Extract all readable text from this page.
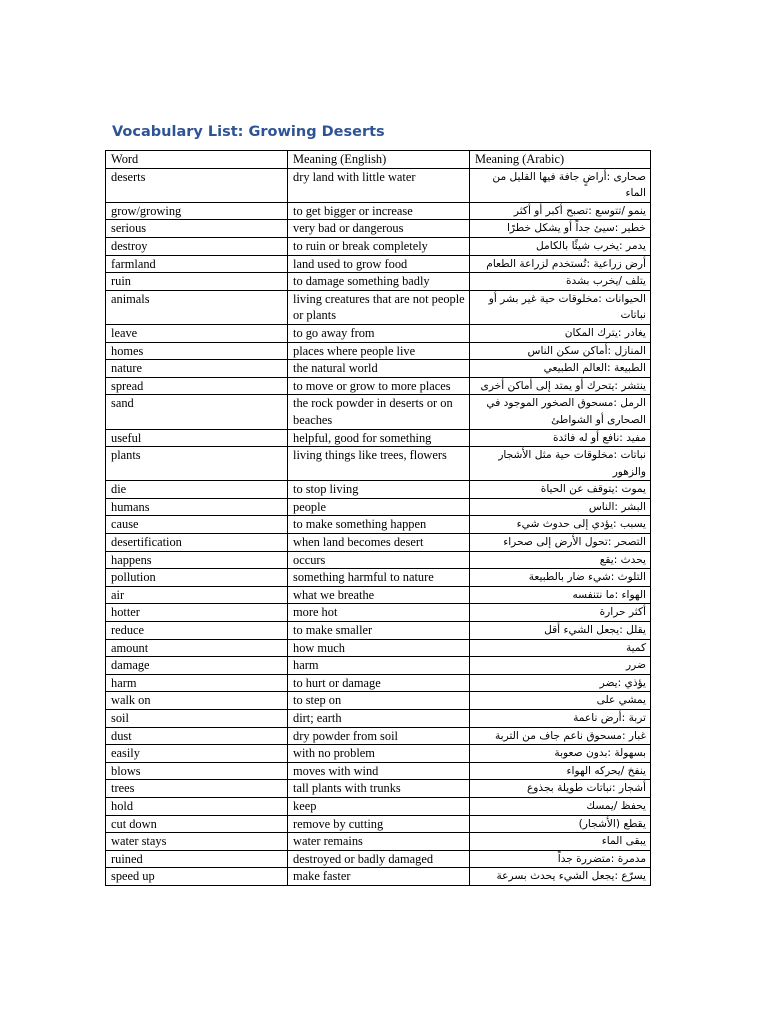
Vocabulary List: Growing Deserts
Word	Meaning (English)	Meaning (Arabic)
deserts	dry land with little water	صحارى :أراضٍ جافة فيها القليل من الماء
grow/growing	to get bigger or increase	ينمو /تتوسع :تصبح أكبر أو أكثر
serious	very bad or dangerous	خطير :سيئ جداً أو يشكل خطرًا
destroy	to ruin or break completely	يدمر :يخرب شيئًا بالكامل
farmland	land used to grow food	أرض زراعية :تُستخدم لزراعة الطعام
ruin	to damage something badly	يتلف /يخرب بشدة
animals	living creatures that are not people or plants	الحيوانات :مخلوقات حية غير بشر أو نباتات
leave	to go away from	يغادر :يترك المكان
homes	places where people live	المنازل :أماكن سكن الناس
nature	the natural world	الطبيعة :العالم الطبيعي
spread	to move or grow to more places	ينتشر :يتحرك أو يمتد إلى أماكن أخرى
sand	the rock powder in deserts or on beaches	الرمل :مسحوق الصخور الموجود في الصحارى أو الشواطئ
useful	helpful, good for something	مفيد :نافع أو له فائدة
plants	living things like trees, flowers	نباتات :مخلوقات حية مثل الأشجار والزهور
die	to stop living	يموت :يتوقف عن الحياة
humans	people	البشر :الناس
cause	to make something happen	يسبب :يؤدي إلى حدوث شيء
desertification	when land becomes desert	التصحر :تحول الأرض إلى صحراء
happens	occurs	يحدث :يقع
pollution	something harmful to nature	التلوث :شيء ضار بالطبيعة
air	what we breathe	الهواء :ما نتنفسه
hotter	more hot	أكثر حرارة
reduce	to make smaller	يقلل :يجعل الشيء أقل
amount	how much	كمية
damage	harm	ضرر
harm	to hurt or damage	يؤذي :يضر
walk on	to step on	يمشي على
soil	dirt; earth	تربة :أرض ناعمة
dust	dry powder from soil	غبار :مسحوق ناعم جاف من التربة
easily	with no problem	بسهولة :بدون صعوبة
blows	moves with wind	ينفخ /يحركه الهواء
trees	tall plants with trunks	أشجار :نباتات طويلة بجذوع
hold	keep	يحفظ /يمسك
cut down	remove by cutting	يقطع (الأشجار)
water stays	water remains	يبقى الماء
ruined	destroyed or badly damaged	مدمرة :متضررة جداً
speed up	make faster	يسرّع :يجعل الشيء يحدث بسرعة
